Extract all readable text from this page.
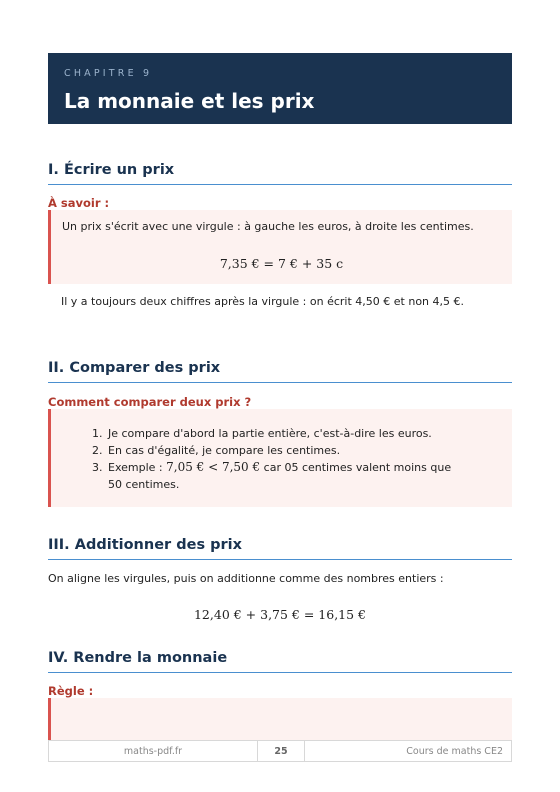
CHAPITRE 9
La monnaie et les prix
I. Écrire un prix
À savoir :
Un prix s'écrit avec une virgule : à gauche les euros, à droite les centimes.
7,35 € = 7 € + 35 c
Il y a toujours deux chiffres après la virgule : on écrit 4,50 € et non 4,5 €.
II. Comparer des prix
Comment comparer deux prix ?
1. Je compare d'abord la partie entière, c'est-à-dire les euros.
2. En cas d'égalité, je compare les centimes.
3. Exemple : 7,05 € < 7,50 € car 05 centimes valent moins que 50 centimes.
III. Additionner des prix
On aligne les virgules, puis on additionne comme des nombres entiers :
12,40 € + 3,75 € = 16,15 €
IV. Rendre la monnaie
Règle :
maths-pdf.fr	25	Cours de maths CE2
